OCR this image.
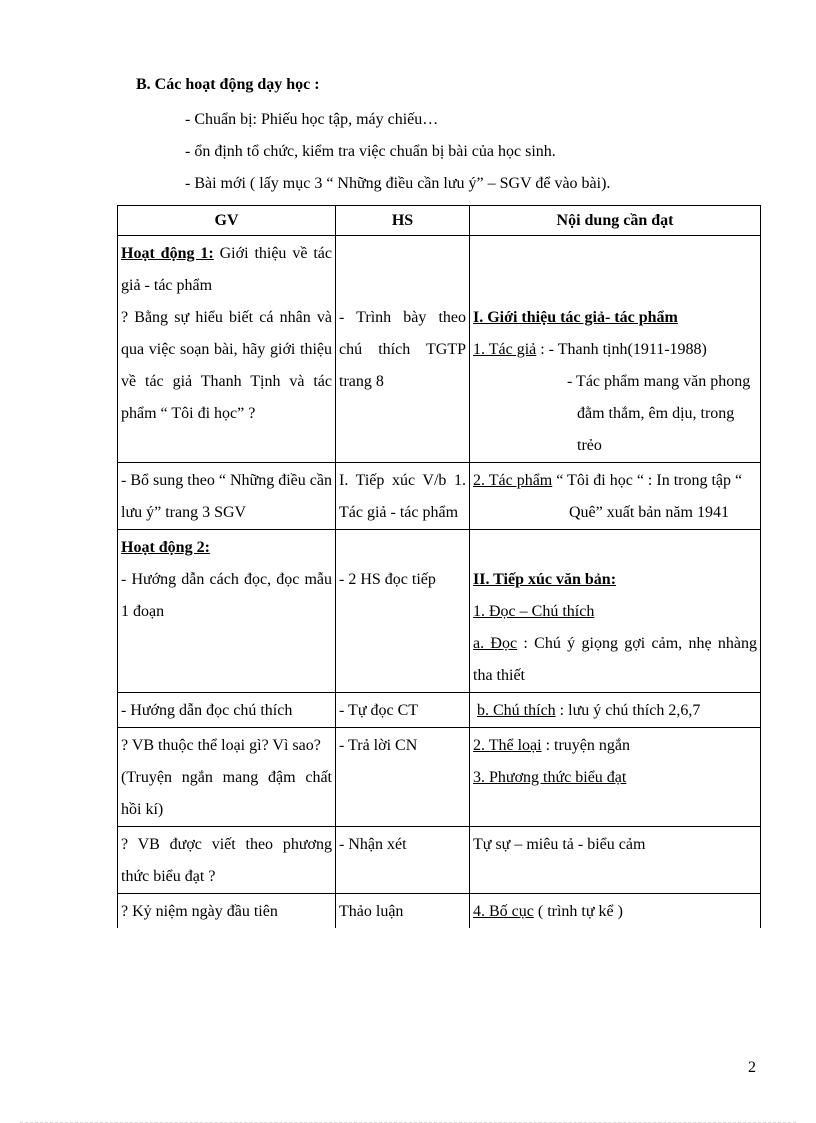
B. Các hoạt động dạy học :
- Chuẩn bị: Phiếu học tập, máy chiếu…
- ổn định tổ chức, kiểm tra việc chuẩn bị bài của học sinh.
- Bài mới ( lấy mục 3 “ Những điều cần lưu ý” – SGV để vào bài).
GV	HS	Nội dung cần đạt
Hoạt động 1: Giới thiệu về tác giả - tác phẩm
? Bằng sự hiểu biết cá nhân và qua việc soạn bài, hãy giới thiệu về tác giả Thanh Tịnh và tác phẩm “ Tôi đi học” ?	- Trình bày theo chú thích TGTP trang 8	I. Giới thiệu tác giả- tác phẩm
1. Tác giả : - Thanh tịnh(1911-1988)
- Tác phẩm mang văn phong
đằm thắm, êm dịu, trong trẻo

- Bổ sung theo “ Những điều cần lưu ý” trang 3 SGV	I. Tiếp xúc V/b 1. Tác giả - tác phẩm	2. Tác phẩm “ Tôi đi học “ : In trong tập “
Quê” xuất bản năm 1941

Hoạt động 2:
- Hướng dẫn cách đọc, đọc mẫu 1 đoạn	- 2 HS đọc tiếp	II. Tiếp xúc văn bản:
1. Đọc – Chú thích
a. Đọc : Chú ý giọng gợi cảm, nhẹ nhàng tha thiết

- Hướng dẫn đọc chú thích	- Tự đọc CT	b. Chú thích : lưu ý chú thích 2,6,7

? VB thuộc thể loại gì? Vì sao?
(Truyện ngắn mang đậm chất hồi kí)	- Trả lời CN	2. Thể loại : truyện ngắn
3. Phương thức biểu đạt
? VB được viết theo phương thức biểu đạt ?	- Nhận xét	Tự sự – miêu tả - biểu cảm
? Kỷ niệm ngày đầu tiên	Thảo luận	4. Bố cục ( trình tự kể )
2
